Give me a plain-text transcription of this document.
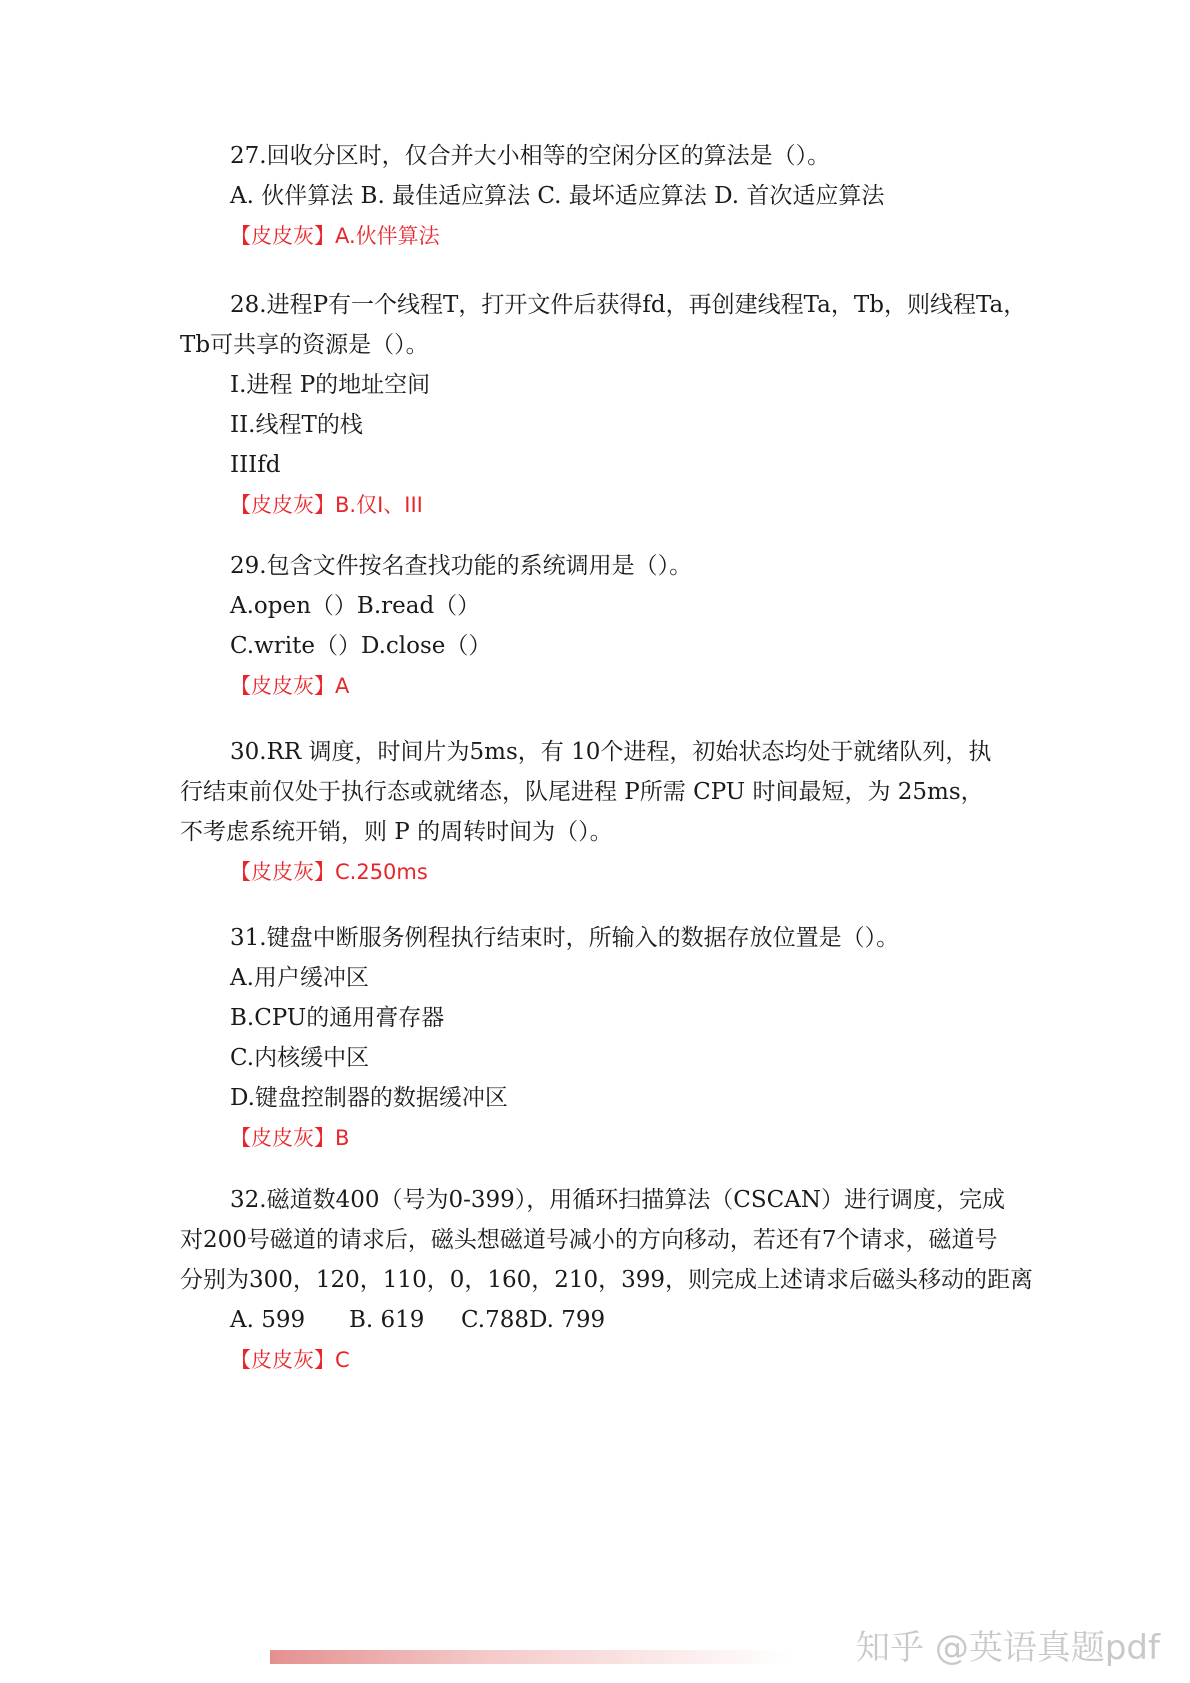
27.回收分区时，仅合并大小相等的空闲分区的算法是（）。
A. 伙伴算法 B. 最佳适应算法 C. 最坏适应算法 D. 首次适应算法
【皮皮灰】A.伙伴算法
28.进程P有一个线程T，打开文件后获得fd，再创建线程Ta，Tb，则线程Ta，
Tb可共享的资源是（）。
I.进程 P的地址空间
II.线程T的栈
IIIfd
【皮皮灰】B.仅I、III
29.包含文件按名查找功能的系统调用是（）。
A.open（）B.read（）
C.write（）D.close（）
【皮皮灰】A
30.RR 调度，时间片为5ms，有 10个进程，初始状态均处于就绪队列，执
行结束前仅处于执行态或就绪态，队尾进程 P所需 CPU 时间最短，为 25ms，
不考虑系统开销，则 P 的周转时间为（）。
【皮皮灰】C.250ms
31.键盘中断服务例程执行结束时，所输入的数据存放位置是（）。
A.用户缓冲区
B.CPU的通用膏存器
C.内核缓中区
D.键盘控制器的数据缓冲区
【皮皮灰】B
32.磁道数400（号为0-399），用循环扫描算法（CSCAN）进行调度，完成
对200号磁道的请求后，磁头想磁道号减小的方向移动，若还有7个请求，磁道号
分别为300，120，110，0，160，210，399，则完成上述请求后磁头移动的距离
A. 599      B. 619     C.788D. 799
【皮皮灰】C
知乎 @英语真题pdf
